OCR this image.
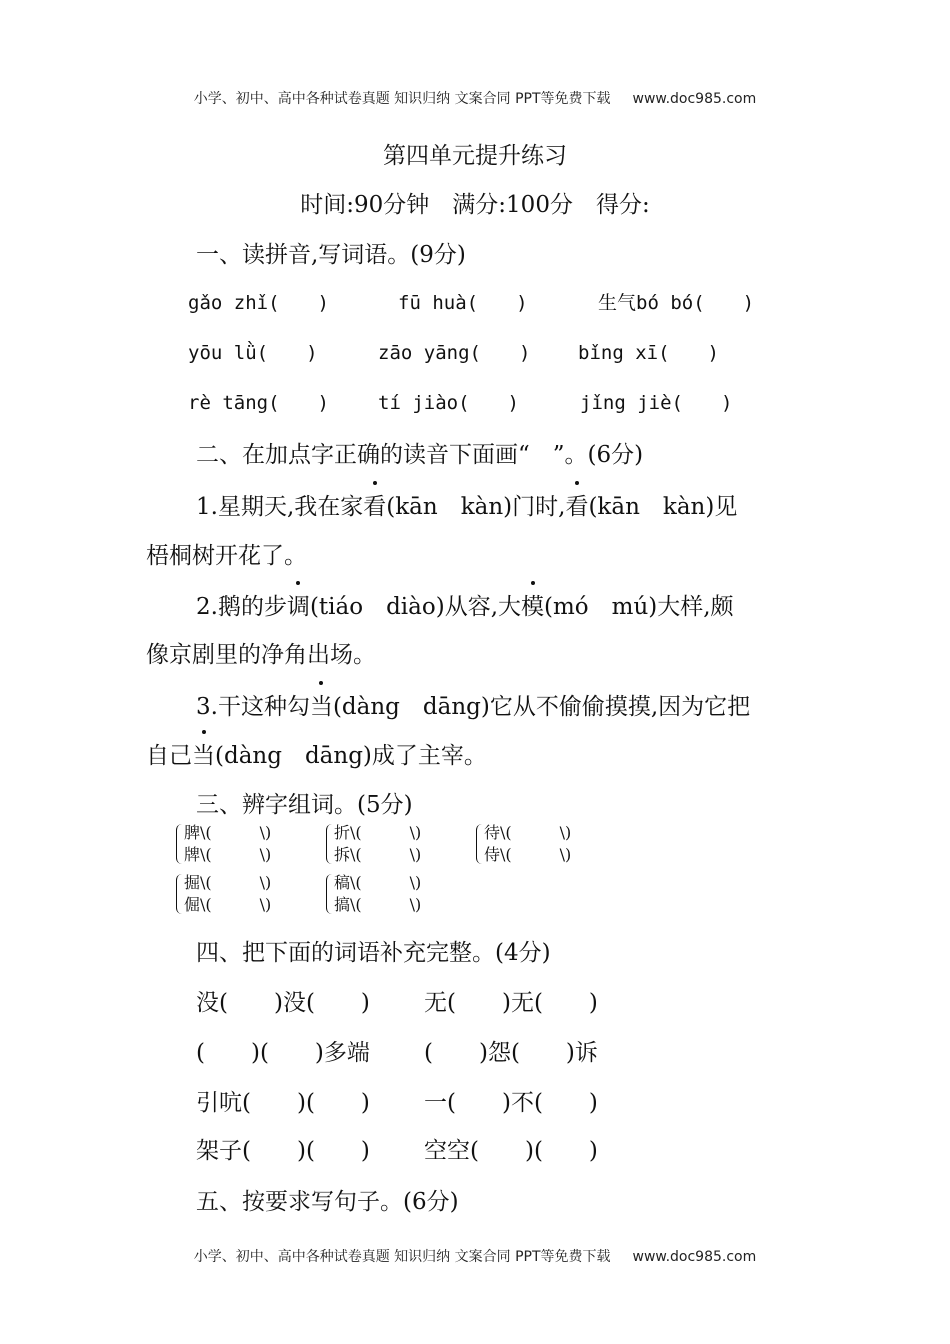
小学、初中、高中各种试卷真题 知识归纳 文案合同 PPT等免费下载 www.doc985.com
第四单元提升练习
时间:90分钟　满分:100分　得分:
一、读拼音,写词语。(9分)
gǎo zhǐ(　　)	fū huà(　　)	生气bó bó(　　)
yōu lǜ(　　)	zāo yāng(　　)	bǐng xī(　　)
rè tāng(　　)	tí jiào(　　)	jǐng jiè(　　)
二、在加点字正确的读音下面画“　”。(6分)
1.星期天,我在家看(kān　kàn)门时,看(kān　kàn)见
梧桐树开花了。
2.鹅的步调(tiáo　diào)从容,大模(mó　mú)大样,颇
像京剧里的净角出场。
3.干这种勾当(dàng　dāng)它从不偷偷摸摸,因为它把
自己当(dàng　dāng)成了主宰。
三、辨字组词。(5分)
脾\(　　　\)
牌\(　　　\)
折\(　　　\)
拆\(　　　\)
待\(　　　\)
侍\(　　　\)
掘\(　　　\)
倔\(　　　\)
稿\(　　　\)
搞\(　　　\)
四、把下面的词语补充完整。(4分)
没(　　)没(　　) 无(　　)无(　　)
(　　)(　　)多端 (　　)怨(　　)诉
引吭(　　)(　　) 一(　　)不(　　)
架子(　　)(　　) 空空(　　)(　　)
五、按要求写句子。(6分)
小学、初中、高中各种试卷真题 知识归纳 文案合同 PPT等免费下载 www.doc985.com
